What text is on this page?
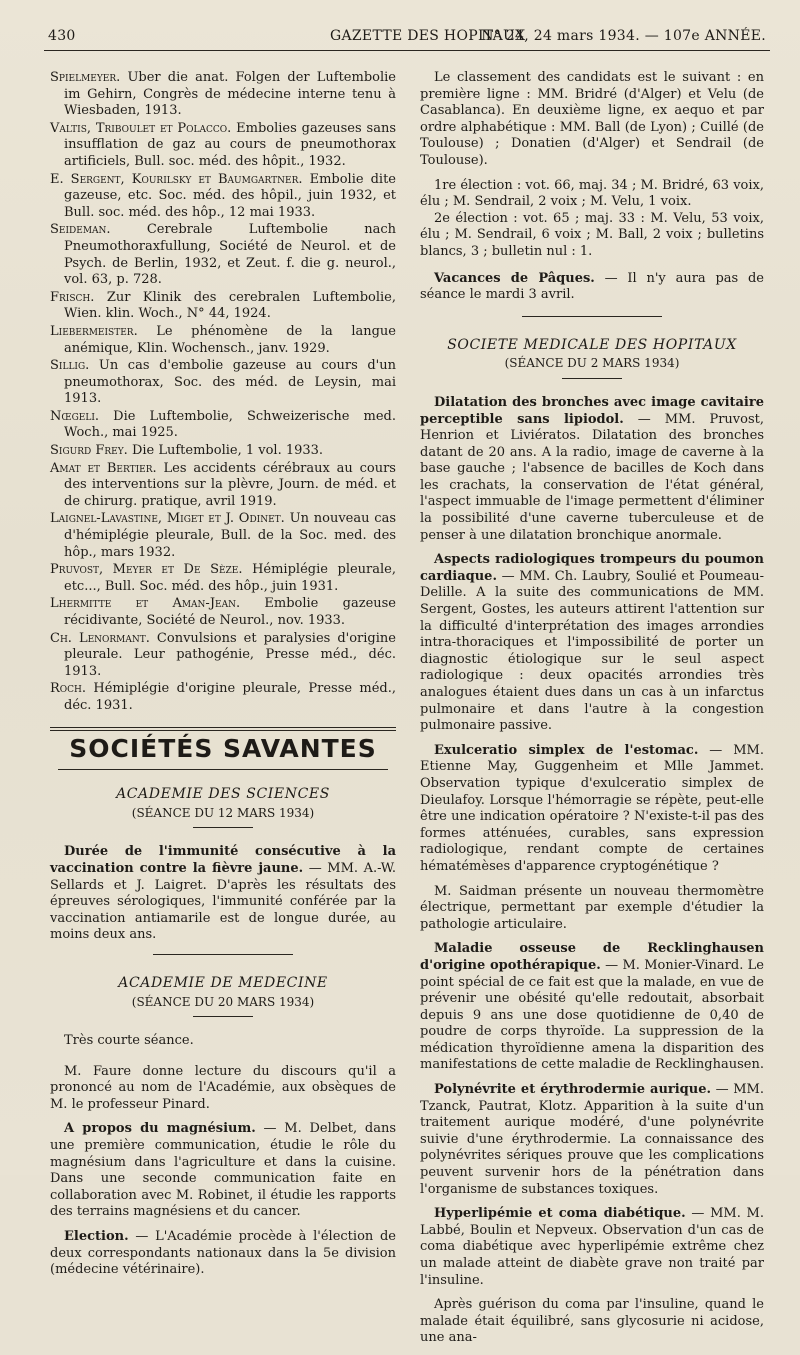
430	GAZETTE DES HOPITAUX
N° 24, 24 mars 1934. — 107e ANNÉE.

Spielmeyer. Uber die anat. Folgen der Luftembolie im Gehirn, Congrès de médecine interne tenu à Wiesbaden, 1913.

Valtis, Triboulet et Polacco. Embolies gazeuses sans insufflation de gaz au cours de pneumothorax artificiels, Bull. soc. méd. des hôpit., 1932.

E. Sergent, Kourilsky et Baumgartner. Embolie dite gazeuse, etc. Soc. méd. des hôpil., juin 1932, et Bull. soc. méd. des hôp., 12 mai 1933.

Seideman.	Cerebrale Luftembolie nach Pneumothoraxfullung, Société de Neurol. et de Psych. de Berlin, 1932, et Zeut. f. die g. neurol., vol. 63, p. 728.

Frisch. Zur Klinik des cerebralen Luftembolie, Wien. klin. Woch., N° 44, 1924.

Liebermeister. Le phénomène de la langue anémique, Klin. Wochensch., janv. 1929.

Sillig. Un cas d'embolie gazeuse au cours d'un pneumothorax, Soc. des méd. de Leysin, mai 1913.

Nœgeli. Die Luftembolie, Schweizerische med. Woch., mai 1925.

Sigurd Frey. Die Luftembolie, 1 vol. 1933.

Amat et Bertier. Les accidents cérébraux au cours des interventions sur la plèvre, Journ. de méd. et de chirurg. pratique, avril 1919.

Laignel-Lavastine, Miget et J. Odinet. Un nouveau cas d'hémiplégie pleurale, Bull. de la Soc. med. des hôp., mars 1932.

Pruvost, Meyer et De Sèze. Hémiplégie pleurale, etc..., Bull. Soc. méd. des hôp., juin 1931.

Lhermitte et Aman-Jean. Embolie gazeuse récidivante, Société de Neurol., nov. 1933.

Ch. Lenormant. Convulsions et paralysies d'origine pleurale. Leur pathogénie, Presse méd., déc. 1913.

Roch. Hémiplégie d'origine pleurale, Presse méd., déc. 1931.

SOCIÉTÉS SAVANTES
ACADEMIE DES SCIENCES
(SÉANCE DU 12 MARS 1934)

Durée de l'immunité consécutive à la vaccination contre la fièvre jaune. — MM. A.-W. Sellards et J. Laigret. D'après les résultats des épreuves sérologiques, l'immunité conférée par la vaccination antiamarile est de longue durée, au moins deux ans.

ACADEMIE DE MEDECINE
(SÉANCE DU 20 MARS 1934)

Très courte séance.

M. Faure donne lecture du discours qu'il a prononcé au nom de l'Académie, aux obsèques de M. le professeur Pinard.

A propos du magnésium. — M. Delbet, dans une première communication, étudie le rôle du magnésium dans l'agriculture et dans la cuisine. Dans une seconde communication faite en collaboration avec M. Robinet, il étudie les rapports des terrains magnésiens et du cancer.

Election. — L'Académie procède à l'élection de deux correspondants nationaux dans la 5e division (médecine vétérinaire).

Le classement des candidats est le suivant : en première ligne : MM. Bridré (d'Alger) et Velu (de Casablanca). En deuxième ligne, ex aequo et par ordre alphabétique : MM. Ball (de Lyon) ; Cuillé (de Toulouse) ; Donatien (d'Alger) et Sendrail (de Toulouse).

1re élection : vot. 66, maj. 34 ; M. Bridré, 63 voix, élu ; M. Sendrail, 2 voix ; M. Velu, 1 voix.

2e élection : vot. 65 ; maj. 33 : M. Velu, 53 voix, élu ; M. Sendrail, 6 voix ; M. Ball, 2 voix ; bulletins blancs, 3 ; bulletin nul : 1.

Vacances de Pâques. — Il n'y aura pas de séance le mardi 3 avril.

SOCIETE MEDICALE DES HOPITAUX
(SÉANCE DU 2 MARS 1934)

Dilatation des bronches avec image cavitaire perceptible sans lipiodol. — MM. Pruvost, Henrion et Liviératos. Dilatation des bronches datant de 20 ans. A la radio, image de caverne à la base gauche ; l'absence de bacilles de Koch dans les crachats, la conservation de l'état général, l'aspect immuable de l'image permettent d'éliminer la possibilité d'une caverne tuberculeuse et de penser à une dilatation bronchique anormale.

Aspects radiologiques trompeurs du poumon cardiaque. — MM. Ch. Laubry, Soulié et Poumeau-Delille. A la suite des communications de MM. Sergent, Gostes, les auteurs attirent l'attention sur la difficulté d'interprétation des images arrondies intra-thoraciques et l'impossibilité de porter un diagnostic étiologique sur le seul aspect radiologique : deux opacités arrondies très analogues étaient dues dans un cas à un infarctus pulmonaire et dans l'autre à la congestion pulmonaire passive.

Exulceratio simplex de l'estomac. — MM. Etienne May, Guggenheim et Mlle Jammet. Observation typique d'exulceratio simplex de Dieulafoy. Lorsque l'hémorragie se répète, peut-elle être une indication opératoire ? N'existe-t-il pas des formes atténuées, curables, sans expression radiologique, rendant compte de certaines hématémèses d'apparence cryptogénétique ?

M. Saidman présente un nouveau thermomètre électrique, permettant par exemple d'étudier la pathologie articulaire.

Maladie osseuse de Recklinghausen d'origine opothérapique. — M. Monier-Vinard. Le point spécial de ce fait est que la malade, en vue de prévenir une obésité qu'elle redoutait, absorbait depuis 9 ans une dose quotidienne de 0,40 de poudre de corps thyroïde. La suppression de la médication thyroïdienne amena la disparition des manifestations de cette maladie de Recklinghausen.

Polynévrite et érythrodermie aurique. — MM. Tzanck, Pautrat, Klotz. Apparition à la suite d'un traitement aurique modéré, d'une polynévrite suivie d'une érythrodermie. La connaissance des polynévrites sériques prouve que les complications peuvent survenir hors de la pénétration dans l'organisme de substances toxiques.

Hyperlipémie et coma diabétique. — MM. M. Labbé, Boulin et Nepveux. Observation d'un cas de coma diabétique avec hyperlipémie extrême chez un malade atteint de diabète grave non traité par l'insuline.

Après guérison du coma par l'insuline, quand le malade était équilibré, sans glycosurie ni acidose, une ana-
